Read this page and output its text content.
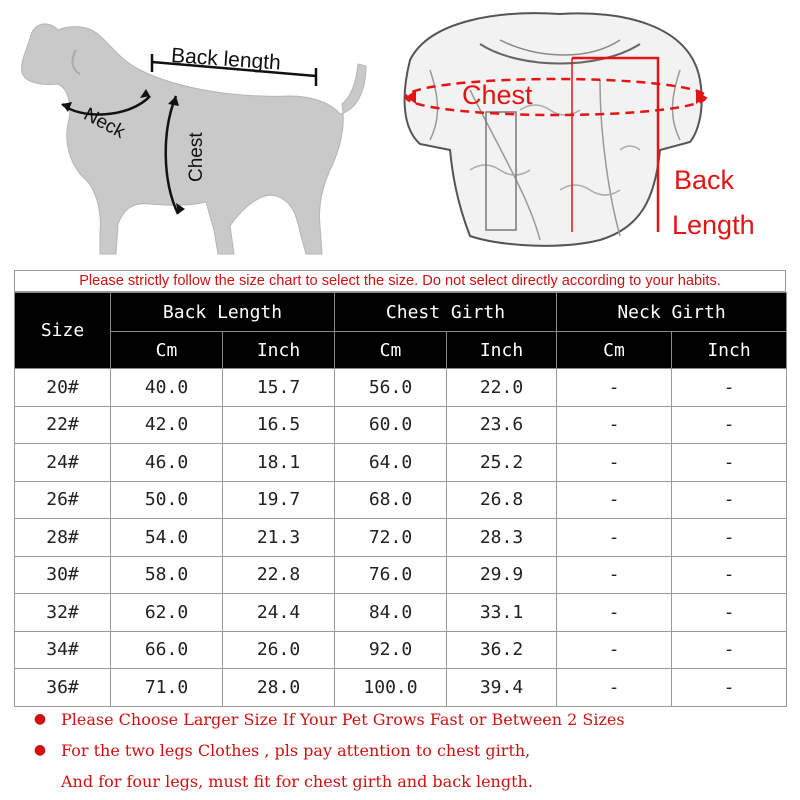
Back length
Neck
Chest
Chest
Back
Length
Please strictly follow the size chart to select the size. Do not select directly according to your habits.
Size	Back Length		Chest Girth		Neck Girth	
	Cm	Inch	Cm	Inch	Cm	Inch
20#	40.0	15.7	56.0	22.0	-	-
22#	42.0	16.5	60.0	23.6	-	-
24#	46.0	18.1	64.0	25.2	-	-
26#	50.0	19.7	68.0	26.8	-	-
28#	54.0	21.3	72.0	28.3	-	-
30#	58.0	22.8	76.0	29.9	-	-
32#	62.0	24.4	84.0	33.1	-	-
34#	66.0	26.0	92.0	36.2	-	-
36#	71.0	28.0	100.0	39.4	-	-
● Please Choose Larger Size If Your Pet Grows Fast or Between 2 Sizes
● For the two legs Clothes , pls pay attention to chest girth,
And for four legs, must fit for chest girth and back length.
